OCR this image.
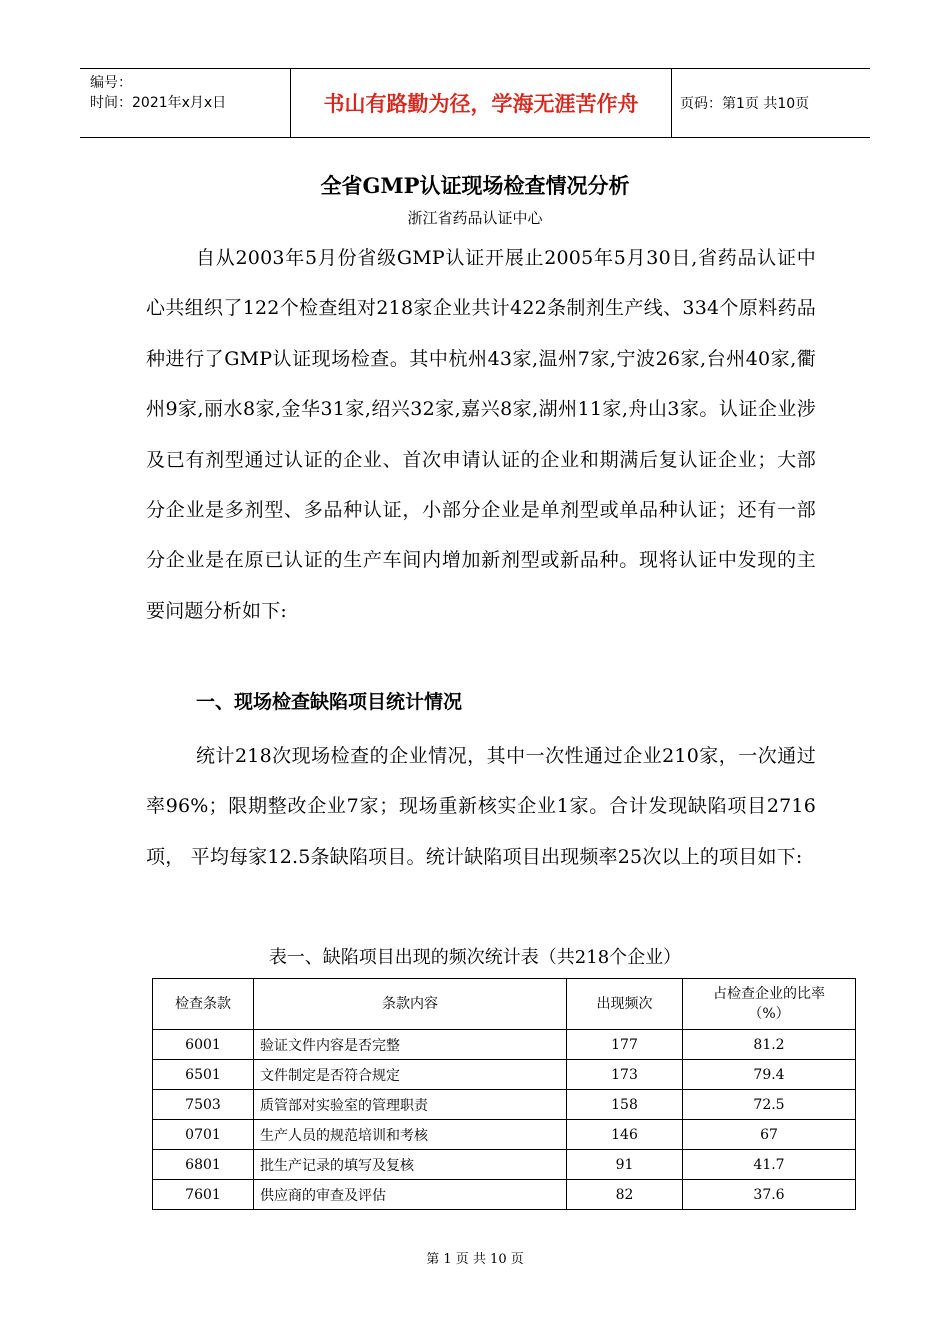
编号：
时间：2021年x月x日	书山有路勤为径，学海无涯苦作舟	页码：第1页 共10页
全省GMP认证现场检查情况分析
浙江省药品认证中心
自从2003年5月份省级GMP认证开展止2005年5月30日,省药品认证中心共组织了122个检查组对218家企业共计422条制剂生产线、334个原料药品种进行了GMP认证现场检查。其中杭州43家,温州7家,宁波26家,台州40家,衢州9家,丽水8家,金华31家,绍兴32家,嘉兴8家,湖州11家,舟山3家。认证企业涉及已有剂型通过认证的企业、首次申请认证的企业和期满后复认证企业；大部分企业是多剂型、多品种认证，小部分企业是单剂型或单品种认证；还有一部分企业是在原已认证的生产车间内增加新剂型或新品种。现将认证中发现的主要问题分析如下:
一、现场检查缺陷项目统计情况
统计218次现场检查的企业情况，其中一次性通过企业210家，一次通过率96%；限期整改企业7家；现场重新核实企业1家。合计发现缺陷项目2716项， 平均每家12.5条缺陷项目。统计缺陷项目出现频率25次以上的项目如下:
表一、缺陷项目出现的频次统计表（共218个企业）
检查条款	条款内容	出现频次	占检查企业的比率
（%）

6001	验证文件内容是否完整	177	81.2
6501	文件制定是否符合规定	173	79.4
7503	质管部对实验室的管理职责	158	72.5
0701	生产人员的规范培训和考核	146	67
6801	批生产记录的填写及复核	91	41.7
7601	供应商的审查及评估	82	37.6
第 1 页 共 10 页
